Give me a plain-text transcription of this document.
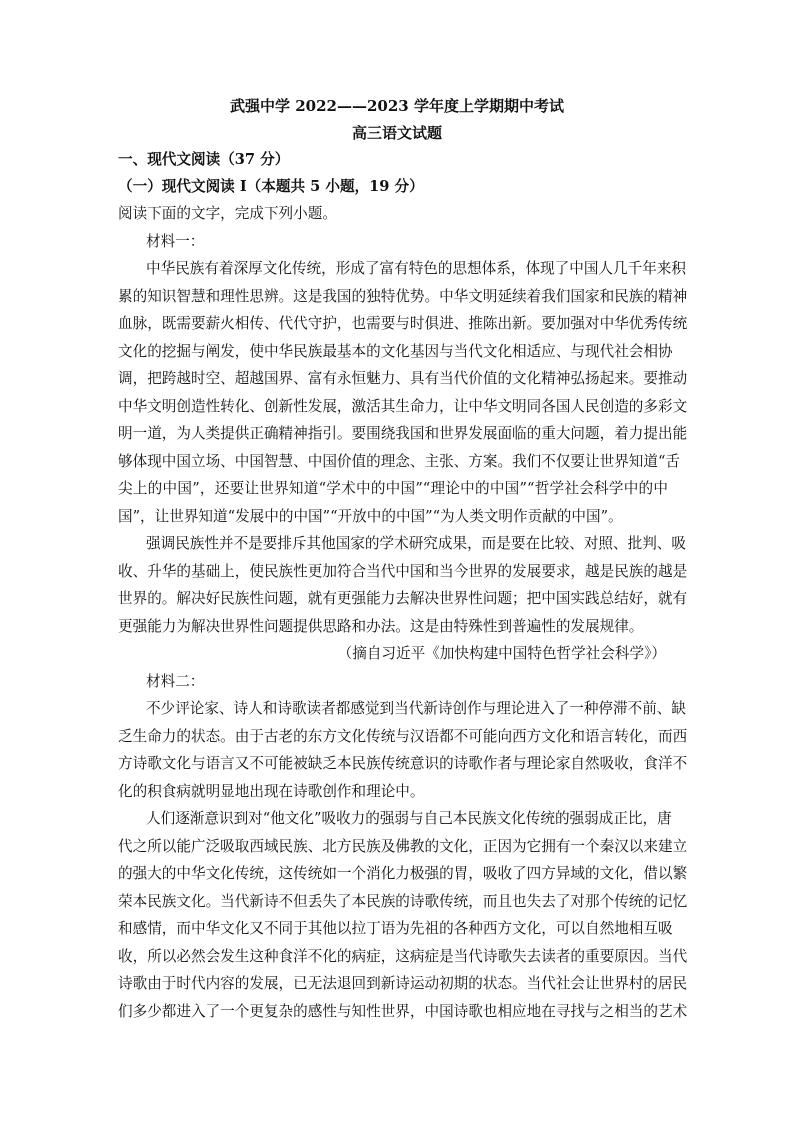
武强中学 2022——2023 学年度上学期期中考试
高三语文试题
一、现代文阅读（37 分）
（一）现代文阅读 I（本题共 5 小题，19 分）
阅读下面的文字，完成下列小题。
材料一：
中华民族有着深厚文化传统，形成了富有特色的思想体系，体现了中国人几千年来积
累的知识智慧和理性思辨。这是我国的独特优势。中华文明延续着我们国家和民族的精神
血脉，既需要薪火相传、代代守护，也需要与时俱进、推陈出新。要加强对中华优秀传统
文化的挖掘与阐发，使中华民族最基本的文化基因与当代文化相适应、与现代社会相协
调，把跨越时空、超越国界、富有永恒魅力、具有当代价值的文化精神弘扬起来。要推动
中华文明创造性转化、创新性发展，激活其生命力，让中华文明同各国人民创造的多彩文
明一道，为人类提供正确精神指引。要围绕我国和世界发展面临的重大问题，着力提出能
够体现中国立场、中国智慧、中国价值的理念、主张、方案。我们不仅要让世界知道“舌
尖上的中国”，还要让世界知道“学术中的中国”“理论中的中国”“哲学社会科学中的中
国”，让世界知道“发展中的中国”“开放中的中国”“为人类文明作贡献的中国”。
强调民族性并不是要排斥其他国家的学术研究成果，而是要在比较、对照、批判、吸
收、升华的基础上，使民族性更加符合当代中国和当今世界的发展要求，越是民族的越是
世界的。解决好民族性问题，就有更强能力去解决世界性问题；把中国实践总结好，就有
更强能力为解决世界性问题提供思路和办法。这是由特殊性到普遍性的发展规律。
（摘自习近平《加快构建中国特色哲学社会科学》）
材料二：
不少评论家、诗人和诗歌读者都感觉到当代新诗创作与理论进入了一种停滞不前、缺
乏生命力的状态。由于古老的东方文化传统与汉语都不可能向西方文化和语言转化，而西
方诗歌文化与语言又不可能被缺乏本民族传统意识的诗歌作者与理论家自然吸收，食洋不
化的积食病就明显地出现在诗歌创作和理论中。
人们逐渐意识到对“他文化”吸收力的强弱与自己本民族文化传统的强弱成正比，唐
代之所以能广泛吸取西域民族、北方民族及佛教的文化，正因为它拥有一个秦汉以来建立
的强大的中华文化传统，这传统如一个消化力极强的胃，吸收了四方异域的文化，借以繁
荣本民族文化。当代新诗不但丢失了本民族的诗歌传统，而且也失去了对那个传统的记忆
和感情，而中华文化又不同于其他以拉丁语为先祖的各种西方文化，可以自然地相互吸
收，所以必然会发生这种食洋不化的病症，这病症是当代诗歌失去读者的重要原因。当代
诗歌由于时代内容的发展，已无法退回到新诗运动初期的状态。当代社会让世界村的居民
们多少都进入了一个更复杂的感性与知性世界，中国诗歌也相应地在寻找与之相当的艺术
